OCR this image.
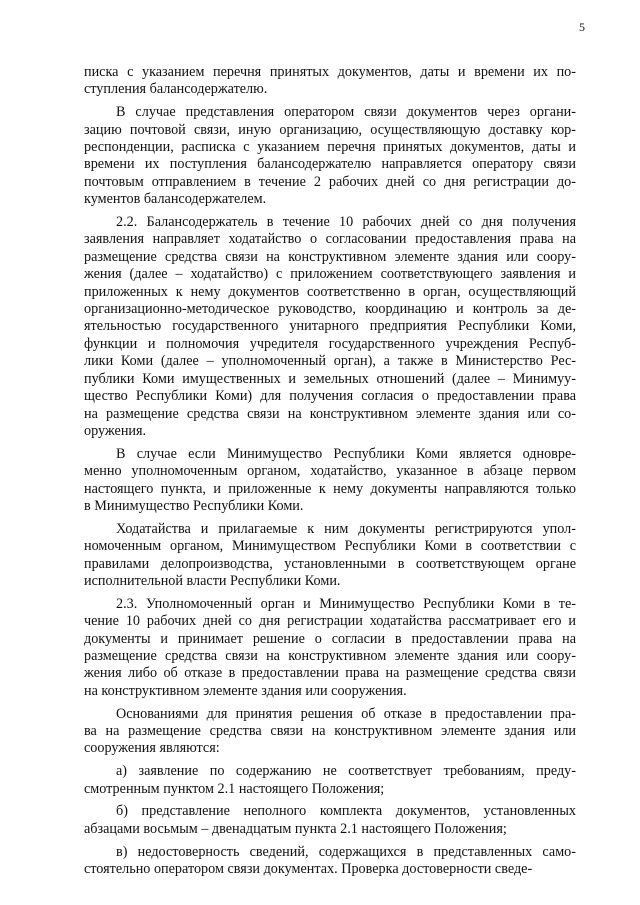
5

писка с указанием перечня принятых документов, даты и времени их по-
ступления балансодержателю.

В случае представления оператором связи документов через органи-
зацию почтовой связи, иную организацию, осуществляющую доставку кор-
респонденции, расписка с указанием перечня принятых документов, даты и
времени их поступления балансодержателю направляется оператору связи
почтовым отправлением в течение 2 рабочих дней со дня регистрации до-
кументов балансодержателем.

2.2. Балансодержатель в течение 10 рабочих дней со дня получения
заявления направляет ходатайство о согласовании предоставления права на
размещение средства связи на конструктивном элементе здания или соору-
жения (далее – ходатайство) с приложением соответствующего заявления и
приложенных к нему документов соответственно в орган, осуществляющий
организационно-методическое руководство, координацию и контроль за де-
ятельностью государственного унитарного предприятия Республики Коми,
функции и полномочия учредителя государственного учреждения Респуб-
лики Коми (далее – уполномоченный орган), а также в Министерство Рес-
публики Коми имущественных и земельных отношений (далее – Минимуу-
щество Республики Коми) для получения согласия о предоставлении права
на размещение средства связи на конструктивном элементе здания или со-
оружения.

В случае если Минимущество Республики Коми является одновре-
менно уполномоченным органом, ходатайство, указанное в абзаце первом
настоящего пункта, и приложенные к нему документы направляются только
в Минимущество Республики Коми.

Ходатайства и прилагаемые к ним документы регистрируются упол-
номоченным органом, Минимуществом Республики Коми в соответствии с
правилами делопроизводства, установленными в соответствующем органе
исполнительной власти Республики Коми.

2.3. Уполномоченный орган и Минимущество Республики Коми в те-
чение 10 рабочих дней со дня регистрации ходатайства рассматривает его и
документы и принимает решение о согласии в предоставлении права на
размещение средства связи на конструктивном элементе здания или соору-
жения либо об отказе в предоставлении права на размещение средства связи
на конструктивном элементе здания или сооружения.

Основаниями для принятия решения об отказе в предоставлении пра-
ва на размещение средства связи на конструктивном элементе здания или
сооружения являются:

а) заявление по содержанию не соответствует требованиям, преду-
смотренным пунктом 2.1 настоящего Положения;

б) представление неполного комплекта документов, установленных
абзацами восьмым – двенадцатым пункта 2.1 настоящего Положения;

в) недостоверность сведений, содержащихся в представленных само-
стоятельно оператором связи документах. Проверка достоверности сведе-
